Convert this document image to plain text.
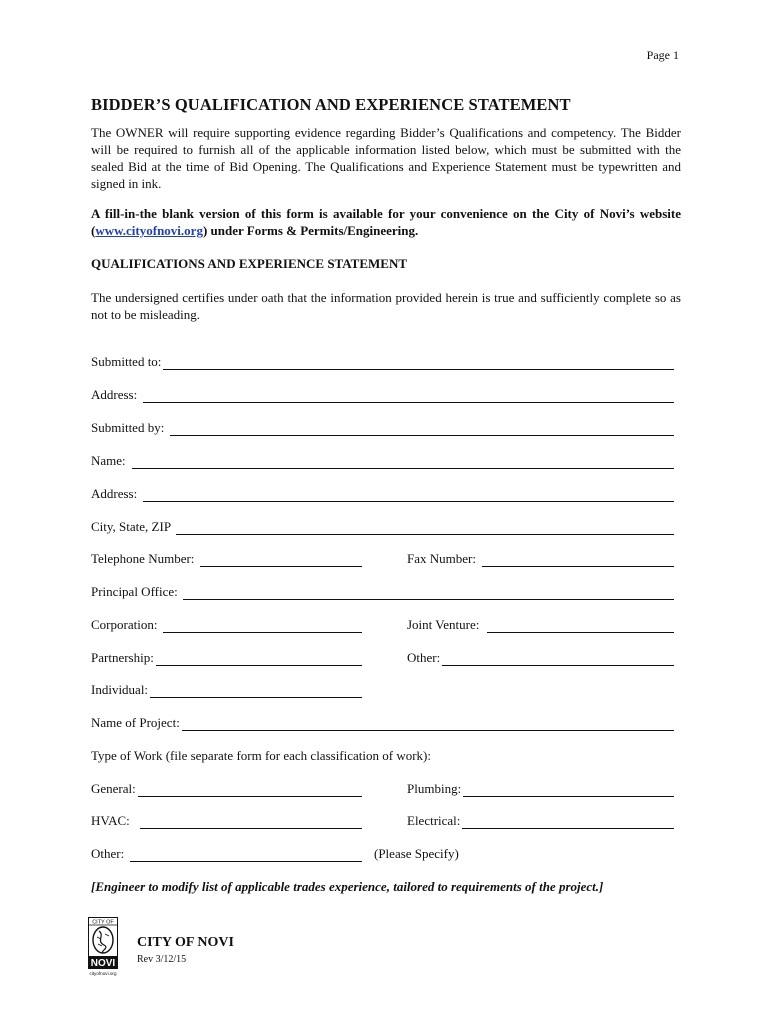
Page 1
BIDDER’S QUALIFICATION AND EXPERIENCE STATEMENT
The OWNER will require supporting evidence regarding Bidder’s Qualifications and competency. The Bidder will be required to furnish all of the applicable information listed below, which must be submitted with the sealed Bid at the time of Bid Opening. The Qualifications and Experience Statement must be typewritten and signed in ink.
A fill-in-the blank version of this form is available for your convenience on the City of Novi’s website (www.cityofnovi.org) under Forms & Permits/Engineering.
QUALIFICATIONS AND EXPERIENCE STATEMENT
The undersigned certifies under oath that the information provided herein is true and sufficiently complete so as not to be misleading.
Submitted to:
Address:
Submitted by:
Name:
Address:
City, State, ZIP
Telephone Number:	Fax Number:
Principal Office:
Corporation:	Joint Venture:
Partnership:	Other:
Individual:
Name of Project:
Type of Work (file separate form for each classification of work):
General:	Plumbing:
HVAC:	Electrical:
Other:	(Please Specify)
[Engineer to modify list of applicable trades experience, tailored to requirements of the project.]
CITY OF
NOVI
cityofnovi.org
CITY OF NOVI
Rev 3/12/15
